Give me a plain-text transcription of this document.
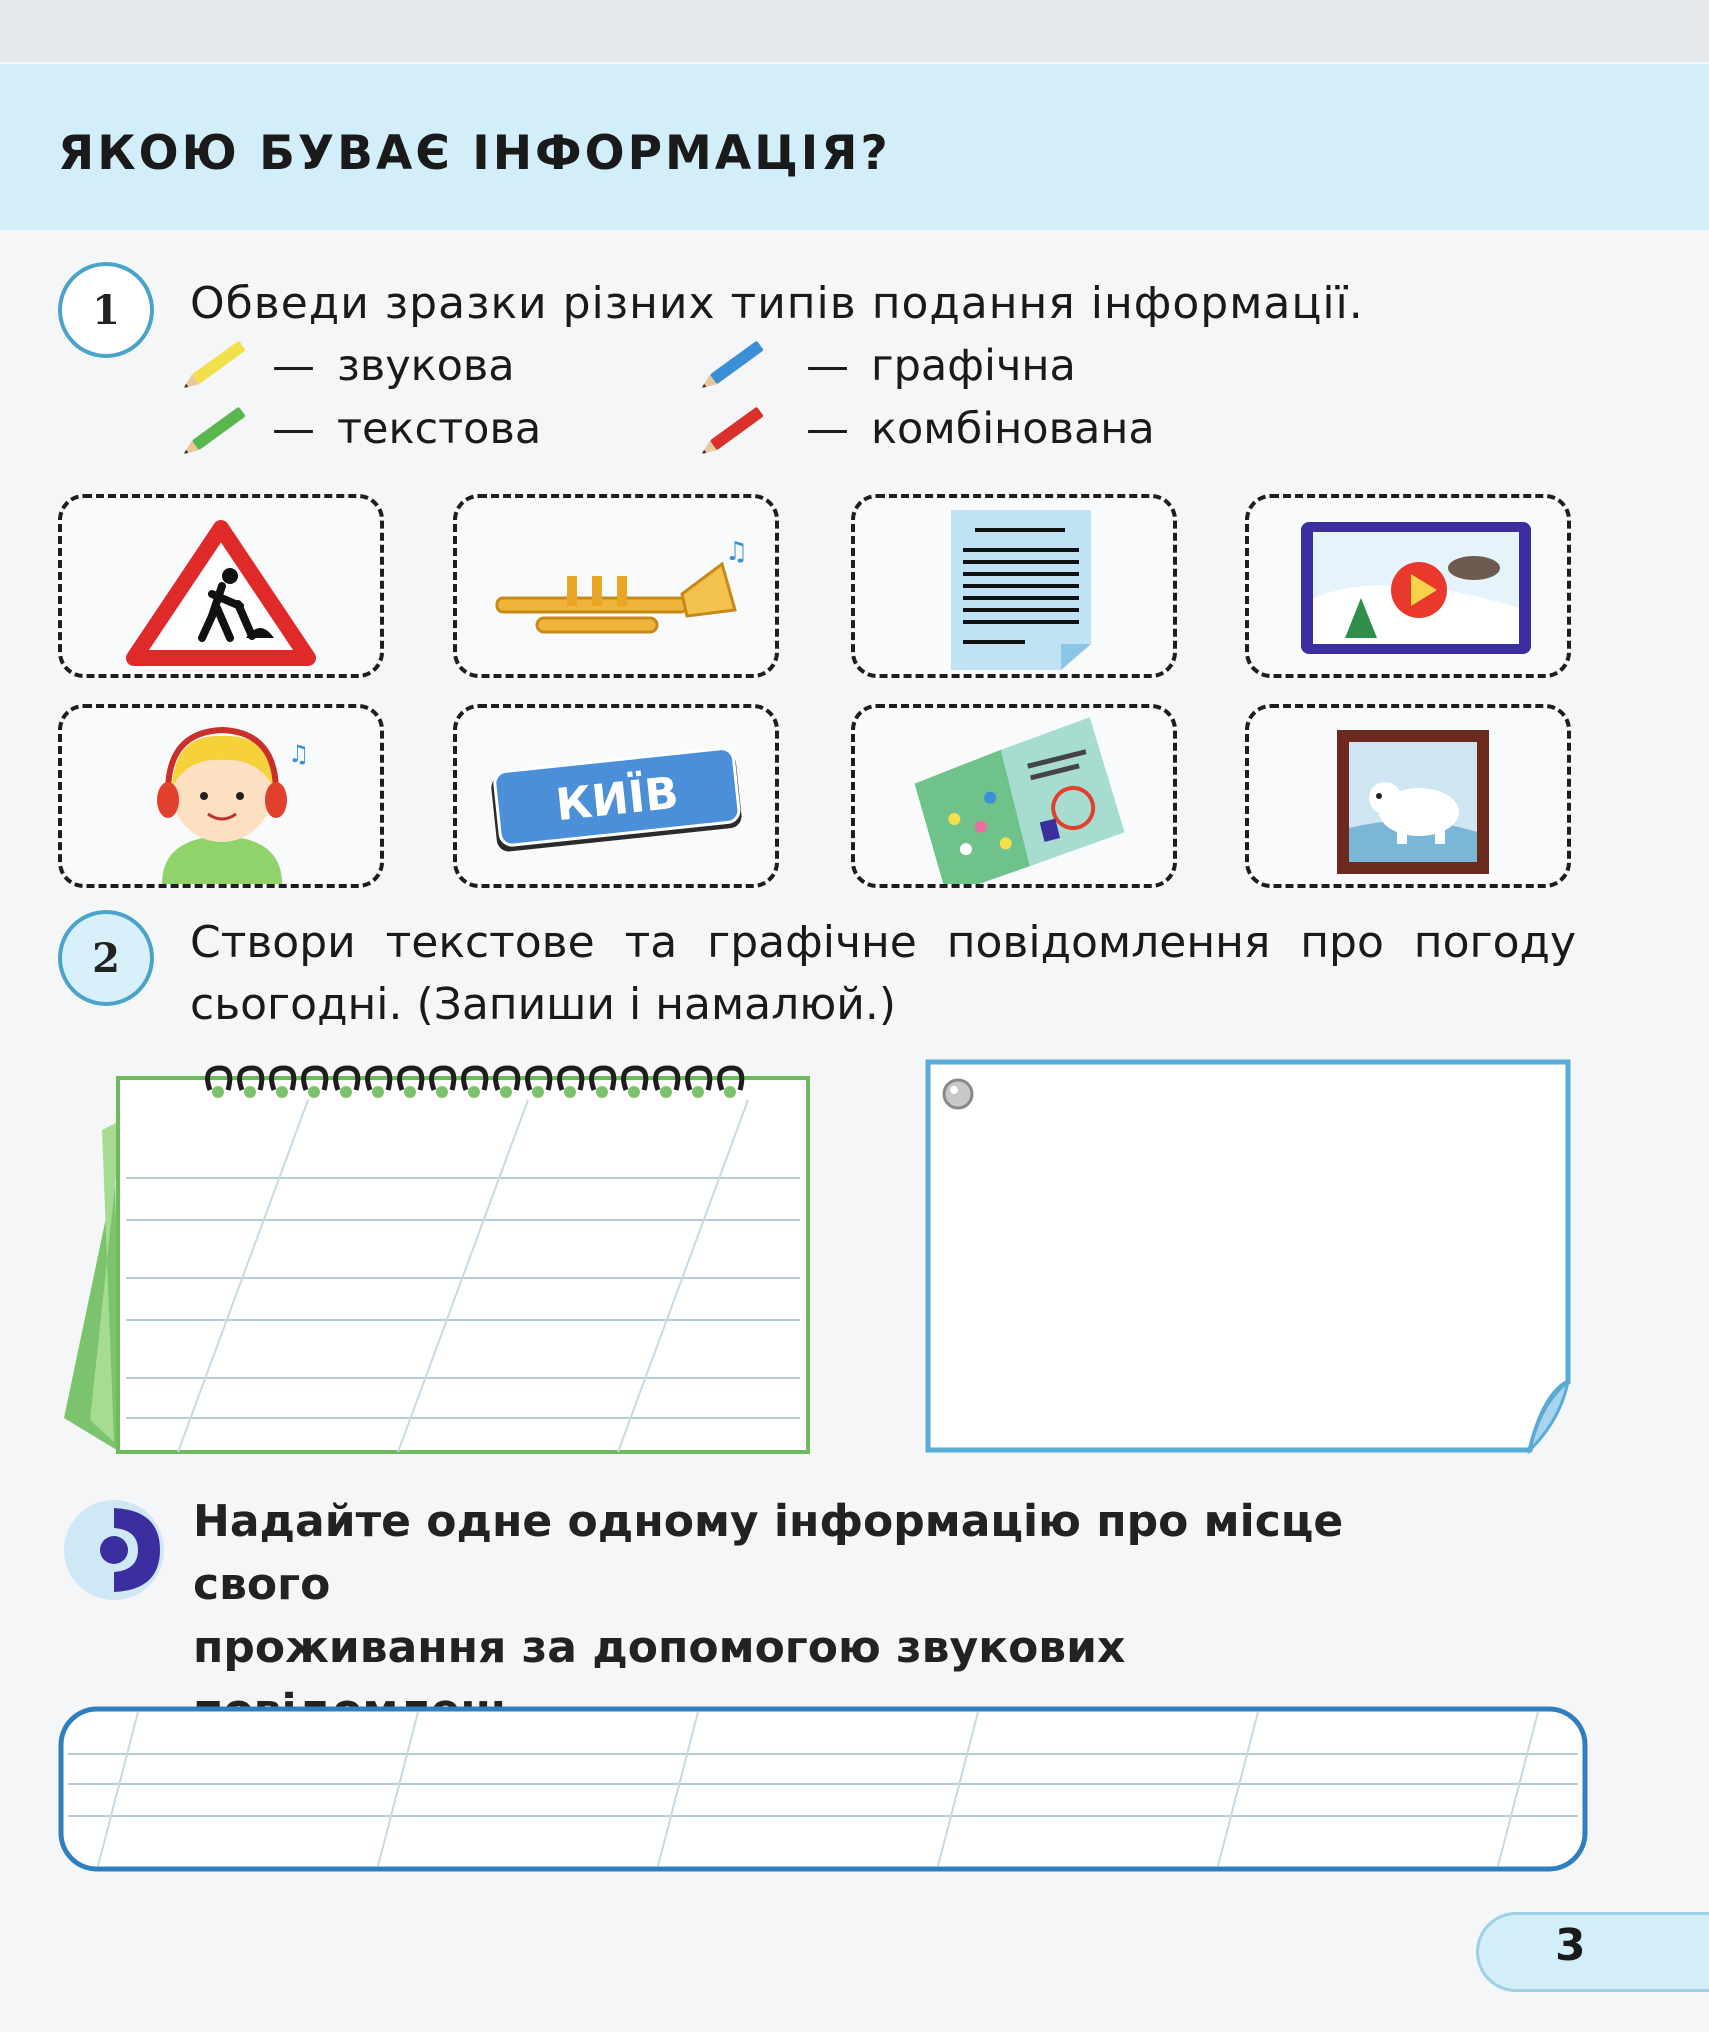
ЯКОЮ БУВАЄ ІНФОРМАЦІЯ?
1	Обведи зразки різних типів подання інформації.
— звукова
— текстова
— графічна
— комбінована
♫
♫
КИЇВ
2	Створи текстове та графічне повідомлення про погоду сьогодні. (Запиши і намалюй.)
Надайте одне одному інформацію про місце свого
проживання за допомогою звукових
3
